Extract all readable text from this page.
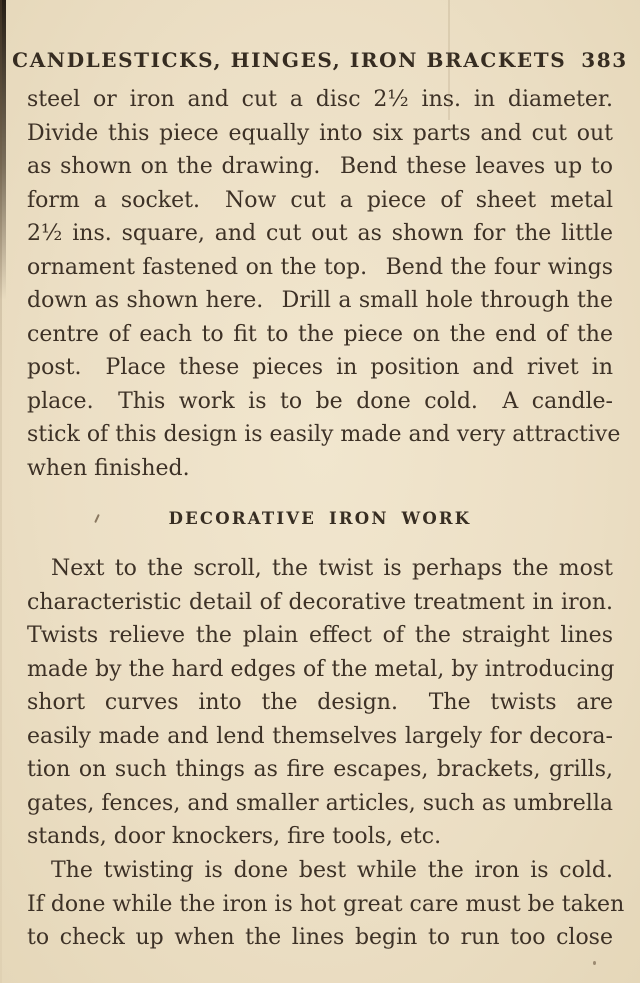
CANDLESTICKS, HINGES, IRON BRACKETS 383
steel or iron and cut a disc 2½ ins. in diameter.
Divide this piece equally into six parts and cut out
as shown on the drawing.  Bend these leaves up to
form a socket.  Now cut a piece of sheet metal
2½ ins. square, and cut out as shown for the little
ornament fastened on the top.  Bend the four wings
down as shown here.  Drill a small hole through the
centre of each to fit to the piece on the end of the
post.  Place these pieces in position and rivet in
place.  This work is to be done cold.  A candle-
stick of this design is easily made and very attractive
when finished.
DECORATIVE IRON WORK
Next to the scroll, the twist is perhaps the most
characteristic detail of decorative treatment in iron.
Twists relieve the plain effect of the straight lines
made by the hard edges of the metal, by introducing
short curves into the design.  The twists are
easily made and lend themselves largely for decora-
tion on such things as fire escapes, brackets, grills,
gates, fences, and smaller articles, such as umbrella
stands, door knockers, fire tools, etc.
The twisting is done best while the iron is cold.
If done while the iron is hot great care must be taken
to check up when the lines begin to run too close
